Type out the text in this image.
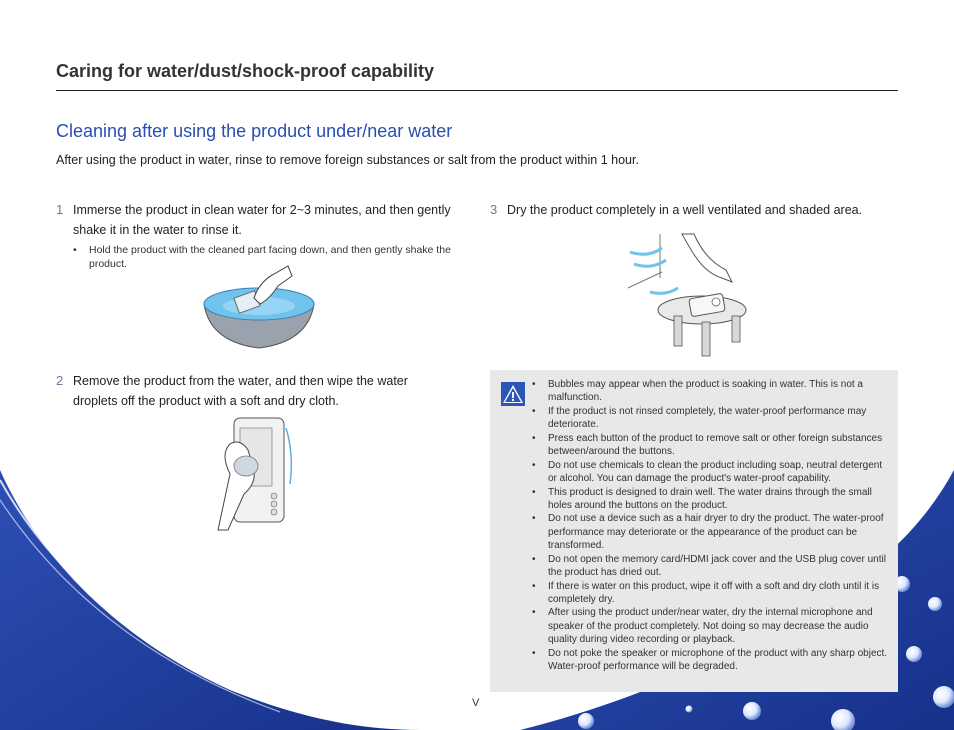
Caring for water/dust/shock-proof capability
Cleaning after using the product under/near water

After using the product in water, rinse to remove foreign substances or salt from the product within 1 hour.

1 Immerse the product in clean water for 2~3 minutes, and then gently shake it in the water to rinse it.
• Hold the product with the cleaned part facing down, and then gently shake the product.
2 Remove the product from the water, and then wipe the water droplets off the product with a soft and dry cloth.
3 Dry the product completely in a well ventilated and shaded area.
• Bubbles may appear when the product is soaking in water. This is not a malfunction.
• If the product is not rinsed completely, the water-proof performance may deteriorate.
• Press each button of the product to remove salt or other foreign substances between/around the buttons.
• Do not use chemicals to clean the product including soap, neutral detergent or alcohol. You can damage the product's water-proof capability.
• This product is designed to drain well. The water drains through the small holes around the buttons on the product.
• Do not use a device such as a hair dryer to dry the product. The water-proof performance may deteriorate or the appearance of the product can be transformed.
• Do not open the memory card/HDMI jack cover and the USB plug cover until the product has dried out.
• If there is water on this product, wipe it off with a soft and dry cloth until it is completely dry.
• After using the product under/near water, dry the internal microphone and speaker of the product completely. Not doing so may decrease the audio quality during video recording or playback.
• Do not poke the speaker or microphone of the product with any sharp object. Water-proof performance will be degraded.
V
